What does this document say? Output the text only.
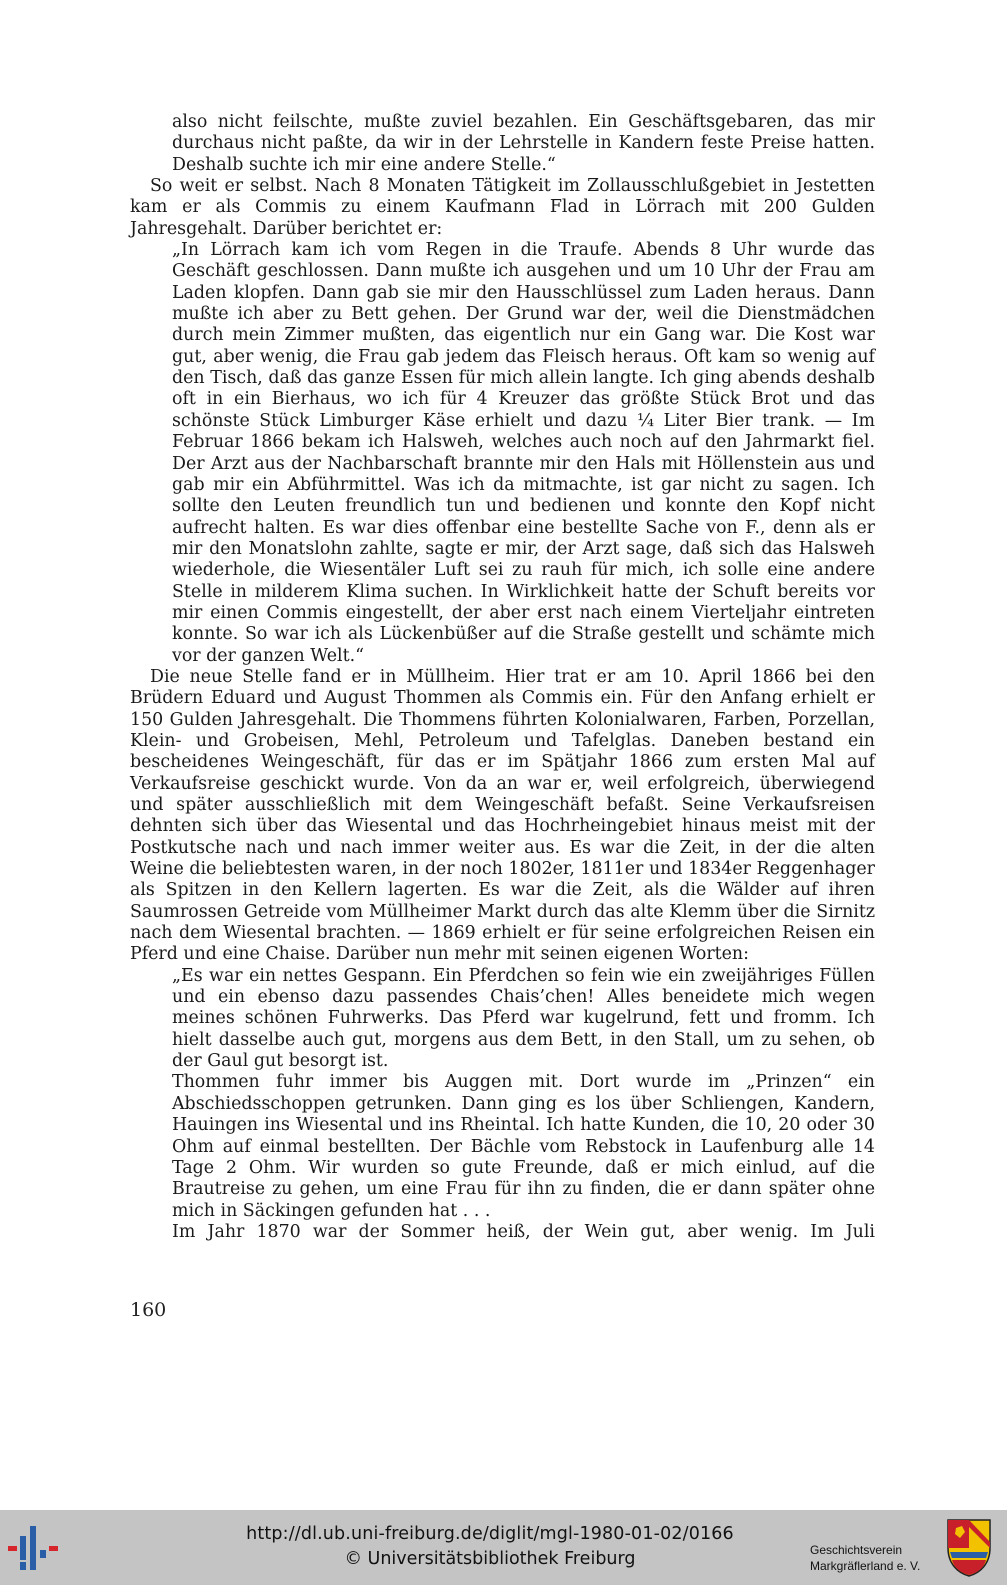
also nicht feilschte, mußte zuviel bezahlen. Ein Geschäftsgebaren, das mir durchaus nicht paßte, da wir in der Lehrstelle in Kandern feste Preise hatten. Deshalb suchte ich mir eine andere Stelle.“

So weit er selbst. Nach 8 Monaten Tätigkeit im Zollausschlußgebiet in Jestetten kam er als Commis zu einem Kaufmann Flad in Lörrach mit 200 Gulden Jahresgehalt. Darüber berichtet er:

„In Lörrach kam ich vom Regen in die Traufe. Abends 8 Uhr wurde das Geschäft geschlossen. Dann mußte ich ausgehen und um 10 Uhr der Frau am Laden klopfen. Dann gab sie mir den Hausschlüssel zum Laden heraus. Dann mußte ich aber zu Bett gehen. Der Grund war der, weil die Dienstmädchen durch mein Zimmer mußten, das eigentlich nur ein Gang war. Die Kost war gut, aber wenig, die Frau gab jedem das Fleisch heraus. Oft kam so wenig auf den Tisch, daß das ganze Essen für mich allein langte. Ich ging abends deshalb oft in ein Bierhaus, wo ich für 4 Kreuzer das größte Stück Brot und das schönste Stück Limburger Käse erhielt und dazu ¼ Liter Bier trank. — Im Februar 1866 bekam ich Halsweh, welches auch noch auf den Jahrmarkt fiel. Der Arzt aus der Nachbarschaft brannte mir den Hals mit Höllenstein aus und gab mir ein Abführmittel. Was ich da mitmachte, ist gar nicht zu sagen. Ich sollte den Leuten freundlich tun und bedienen und konnte den Kopf nicht aufrecht halten. Es war dies offenbar eine bestellte Sache von F., denn als er mir den Monatslohn zahlte, sagte er mir, der Arzt sage, daß sich das Halsweh wiederhole, die Wiesentäler Luft sei zu rauh für mich, ich solle eine andere Stelle in milderem Klima suchen. In Wirklichkeit hatte der Schuft bereits vor mir einen Commis eingestellt, der aber erst nach einem Vierteljahr eintreten konnte. So war ich als Lückenbüßer auf die Straße gestellt und schämte mich vor der ganzen Welt.“

Die neue Stelle fand er in Müllheim. Hier trat er am 10. April 1866 bei den Brüdern Eduard und August Thommen als Commis ein. Für den Anfang erhielt er 150 Gulden Jahresgehalt. Die Thommens führten Kolonialwaren, Farben, Porzellan, Klein- und Grobeisen, Mehl, Petroleum und Tafelglas. Daneben bestand ein bescheidenes Weingeschäft, für das er im Spätjahr 1866 zum ersten Mal auf Verkaufsreise geschickt wurde. Von da an war er, weil erfolgreich, überwiegend und später ausschließlich mit dem Weingeschäft befaßt. Seine Verkaufsreisen dehnten sich über das Wiesental und das Hochrheingebiet hinaus meist mit der Postkutsche nach und nach immer weiter aus. Es war die Zeit, in der die alten Weine die beliebtesten waren, in der noch 1802er, 1811er und 1834er Reggenhager als Spitzen in den Kellern lagerten. Es war die Zeit, als die Wälder auf ihren Saumrossen Getreide vom Müllheimer Markt durch das alte Klemm über die Sirnitz nach dem Wiesental brachten. — 1869 erhielt er für seine erfolgreichen Reisen ein Pferd und eine Chaise. Darüber nun mehr mit seinen eigenen Worten:

„Es war ein nettes Gespann. Ein Pferdchen so fein wie ein zweijähriges Füllen und ein ebenso dazu passendes Chais’chen! Alles beneidete mich wegen meines schönen Fuhrwerks. Das Pferd war kugelrund, fett und fromm. Ich hielt dasselbe auch gut, morgens aus dem Bett, in den Stall, um zu sehen, ob der Gaul gut besorgt ist.

Thommen fuhr immer bis Auggen mit. Dort wurde im „Prinzen“ ein Abschiedsschoppen getrunken. Dann ging es los über Schliengen, Kandern, Hauingen ins Wiesental und ins Rheintal. Ich hatte Kunden, die 10, 20 oder 30 Ohm auf einmal bestellten. Der Bächle vom Rebstock in Laufenburg alle 14 Tage 2 Ohm. Wir wurden so gute Freunde, daß er mich einlud, auf die Brautreise zu gehen, um eine Frau für ihn zu finden, die er dann später ohne mich in Säckingen gefunden hat . . .

Im Jahr 1870 war der Sommer heiß, der Wein gut, aber wenig. Im Juli

160
http://dl.ub.uni-freiburg.de/diglit/mgl-1980-01-02/0166
© Universitätsbibliothek Freiburg	Geschichtsverein
Markgräflerland e. V.
